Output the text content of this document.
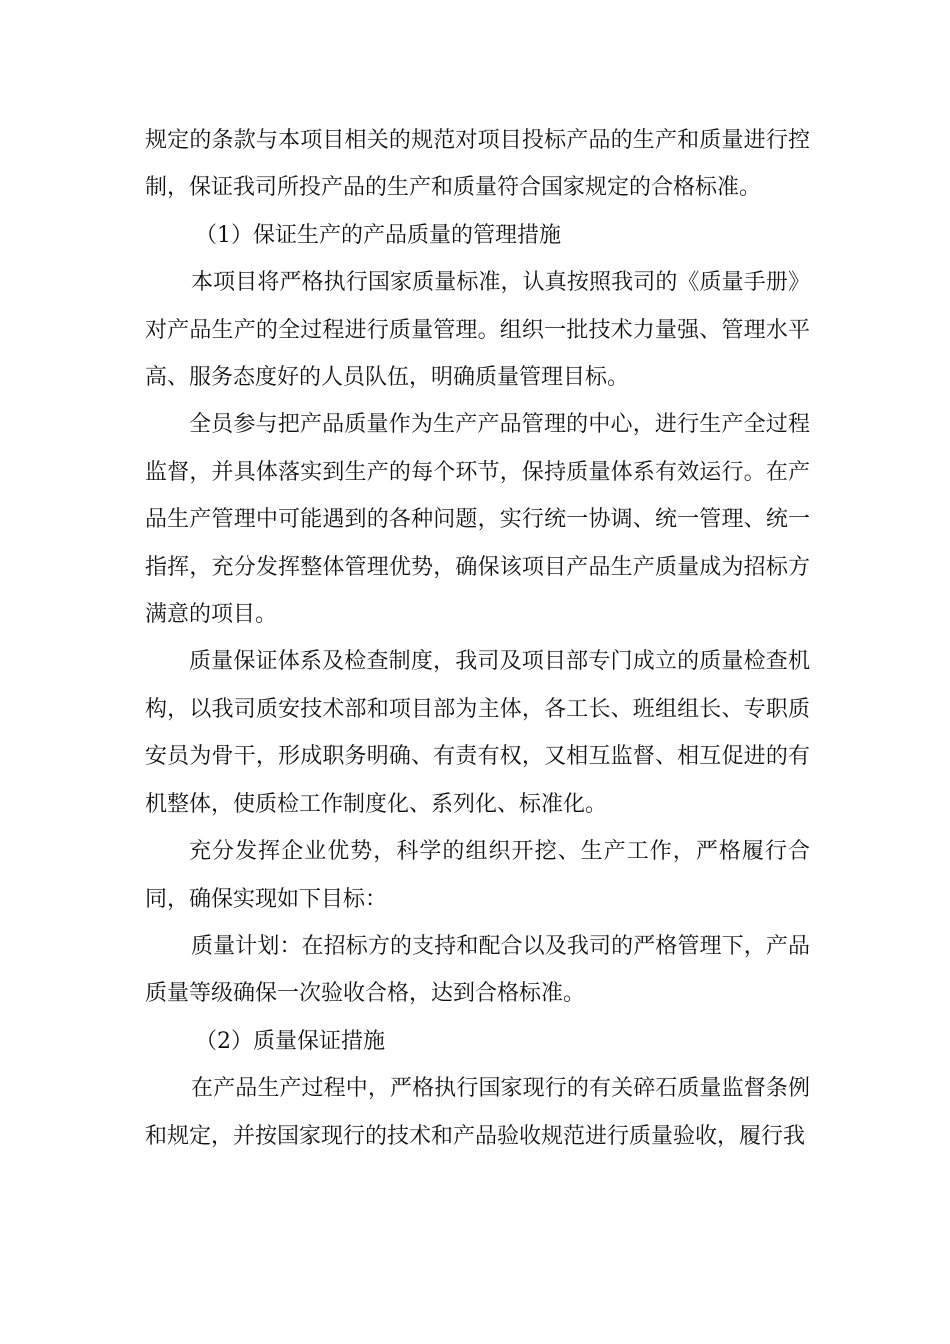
规定的条款与本项目相关的规范对项目投标产品的生产和质量进行控制，保证我司所投产品的生产和质量符合国家规定的合格标准。

（1）保证生产的产品质量的管理措施

本项目将严格执行国家质量标准，认真按照我司的《质量手册》对产品生产的全过程进行质量管理。组织一批技术力量强、管理水平高、服务态度好的人员队伍，明确质量管理目标。

全员参与把产品质量作为生产产品管理的中心，进行生产全过程监督，并具体落实到生产的每个环节，保持质量体系有效运行。在产品生产管理中可能遇到的各种问题，实行统一协调、统一管理、统一指挥，充分发挥整体管理优势，确保该项目产品生产质量成为招标方满意的项目。

质量保证体系及检查制度，我司及项目部专门成立的质量检查机构，以我司质安技术部和项目部为主体，各工长、班组组长、专职质安员为骨干，形成职务明确、有责有权，又相互监督、相互促进的有机整体，使质检工作制度化、系列化、标准化。

充分发挥企业优势，科学的组织开挖、生产工作，严格履行合同，确保实现如下目标：

质量计划：在招标方的支持和配合以及我司的严格管理下，产品质量等级确保一次验收合格，达到合格标准。

（2）质量保证措施

在产品生产过程中，严格执行国家现行的有关碎石质量监督条例和规定，并按国家现行的技术和产品验收规范进行质量验收，履行我
